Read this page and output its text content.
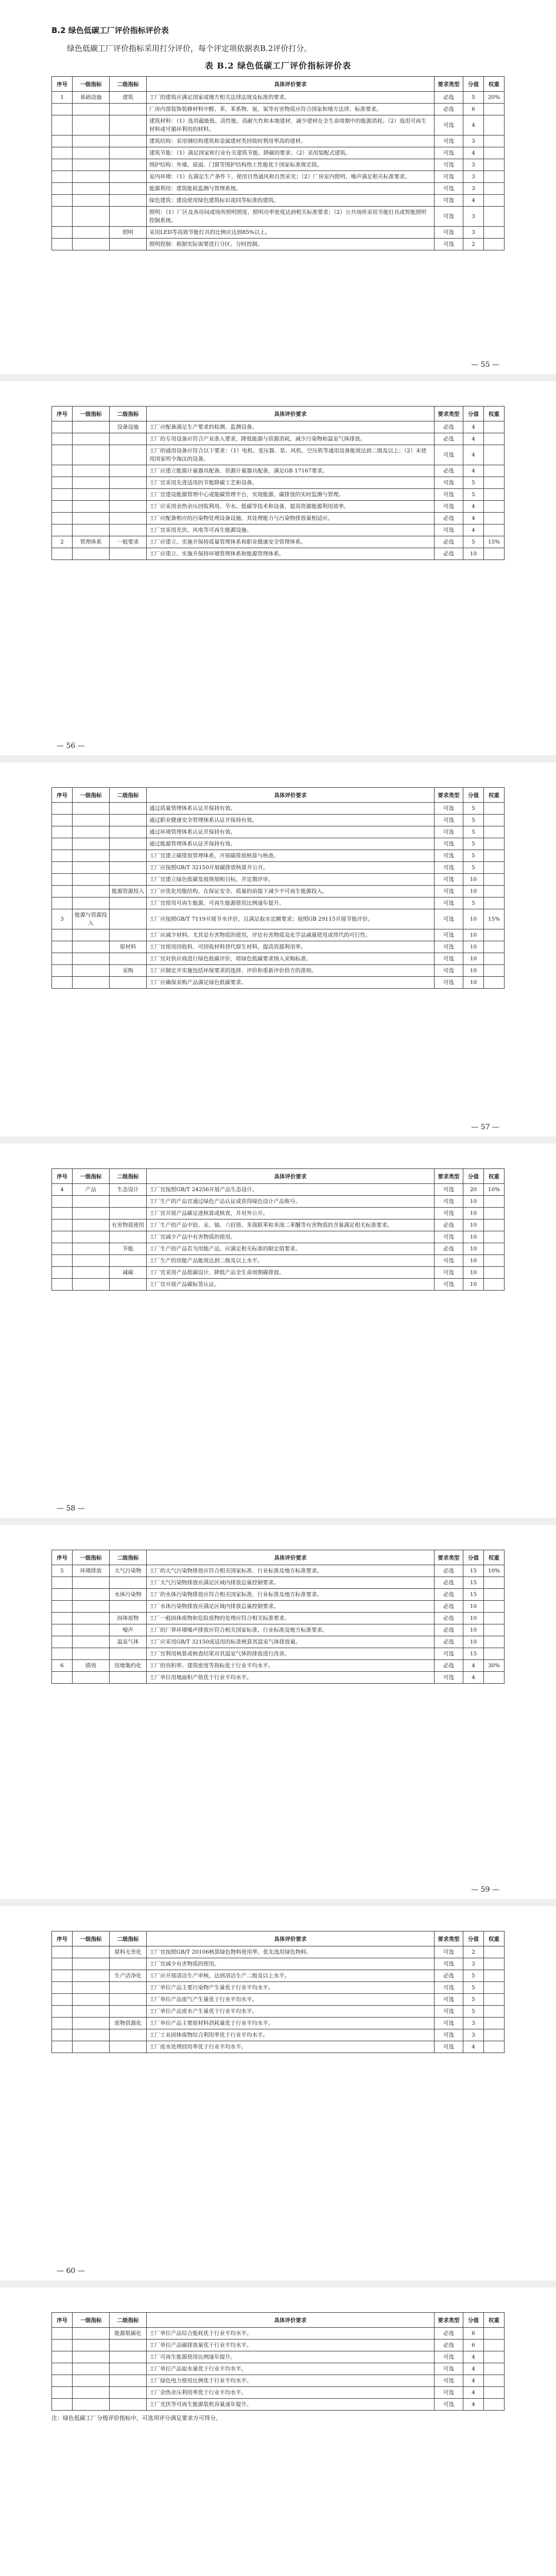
B.2 绿色低碳工厂评价指标评价表
绿色低碳工厂评价指标采用打分评价，每个评定项依据表B.2评价打分。
表 B.2 绿色低碳工厂评价指标评价表
序号	一级指标	二级指标	具体评价要求	要求类型	分值	权重
1	基础设施	建筑	工厂的建筑应满足国家或地方相关法律法规及标准的要求。	必选	5	20%
			厂房内部装饰装修材料中醛、苯、苯系物、氨、氡等有害物质应符合国家和地方法律、标准要求。	必选	6	
			建筑材料：（1）选用蕴能低、高性能、高耐久性和本地建材，减少建材在全生命周期中的能源消耗；（2）选用可再生材料或可循环利用的材料。	可选	4	
			建筑结构：采用钢结构建筑和金属建材类回收时利用率高的建材。	可选	3	
			建筑节能：（1）满足国家和行业有关建筑节能、降碳的要求；（2）采用装配式建筑。	可选	4	
			围护结构：外墙、屋面、门窗等围护结构热工性能优于国家标准规定值。	可选	3	
			室内环境：（1）在满足生产条件下，使用自然通风和自然采光；（2）厂房室内照明、噪声满足相关标准要求。	可选	3	
			能源利用：建筑能耗监测与管理系统。	可选	3	
			绿色建筑：建设使用绿色建筑标识或同等标准的建筑。	可选	4	
			照明：（1）厂区及各房间或场所照明照度、照明功率密度达到相关标准要求；（2）公共场所采用节能灯具或智能照明控制系统。	可选	3	
		照明	采用LED等高效节能灯具的比例应达到85%以上。	可选	3	
			照明控制：根据实际需要进行分区、分时控制。	可选	2	
— 55 —
序号	一级指标	二级指标	具体评价要求	要求类型	分值	权重
		设备设施	工厂应配备满足生产要求的检测、监测设备。	必选	4	
			工厂的专用设备应符合产业准入要求，降低能源与资源消耗，减少污染物和温室气体排放。	必选	4	
			工厂的通用设备应符合以下要求：（1）电机、变压器、泵、风机、空压机等通用设备能效达到二级及以上；（2）未使用国家明令淘汰的设备。	可选	4	
			工厂应建立能源计量器具配备、资源计量器具配备，满足GB 17167要求。	必选	4	
			工厂宜采用先进适用的节能降碳工艺和设备。	可选	5	
			工厂宜建设能源管理中心或能碳管理平台，实现能源、碳排放的实时监测与管理。	可选	5	
			工厂应采用余热余压回收利用、节水、低碳等技术和设备，提高资源能源利用效率。	可选	4	
			工厂应配备相应的污染物处理设备设施，其处理能力与污染物排放量相适应。	必选	4	
			工厂宜采用光伏、风电等可再生能源设施。	可选	4	
2	管理体系	一般要求	工厂应建立、实施并保持质量管理体系和职业健康安全管理体系。	必选	5	15%
			工厂应建立、实施并保持环境管理体系和能源管理体系。	必选	10	
— 56 —
序号	一级指标	二级指标	具体评价要求	要求类型	分值	权重
			通过质量管理体系认证并保持有效。	可选	5	
			通过职业健康安全管理体系认证并保持有效。	可选	5	
			通过环境管理体系认证并保持有效。	可选	5	
			通过能源管理体系认证并保持有效。	可选	5	
			工厂宜建立碳排放管理体系，开展碳排放核算与核查。	可选	5	
			工厂应按照GB/T 32150开展碳排放核算并公开。	可选	5	
			工厂宜建立绿色低碳发展规划和目标，并定期评审。	可选	10	
		能源资源投入	工厂应优化用能结构，在保证安全、质量的前提下减少不可再生能源投入。	可选	10	
			工厂宜使用可再生能源，可再生能源使用比例逐年提升。	可选	5	
3	能源与资源投入		工厂应按照GB/T 7119开展节水评价，且满足取水定额要求；按照GB 29115开展节能评价。	可选	10	15%
			工厂应减少材料、尤其是有害物质的使用，评估有害物质及化学品减量使用或替代的可行性。	可选	10	
		原材料	工厂宜使用回收料、可回收材料替代原生材料，提高资源利用率。	可选	10	
			工厂宜对供应商进行绿色低碳评价，将绿色低碳要求纳入采购标准。	可选	10	
		采购	工厂应制定并实施包括环保要求的选择、评价和重新评价供方的准则。	可选	10	
			工厂应确保采购产品满足绿色低碳要求。	可选	10	
— 57 —
序号	一级指标	二级指标	具体评价要求	要求类型	分值	权重
4	产品	生态设计	工厂宜按照GB/T 24256开展产品生态设计。	可选	20	10%
			工厂生产的产品宜通过绿色产品认证或获得绿色设计产品称号。	可选	10	
			工厂宜开展产品碳足迹核算或核查，并对外公开。	可选	10	
		有害物质使用	工厂生产的产品中铅、汞、镉、六价铬、多溴联苯和多溴二苯醚等有害物质的含量满足相关标准要求。	必选	10	
			工厂宜减少产品中有害物质的使用。	可选	10	
		节能	工厂生产的产品若为用能产品，应满足相关标准的限定值要求。	必选	10	
			工厂生产的用能产品能效达到二级及以上水平。	可选	10	
		减碳	工厂宜采用产品低碳设计，降低产品全生命周期碳排放。	可选	10	
			工厂宜开展产品碳标签认证。	可选	10	
— 58 —
序号	一级指标	二级指标	具体评价要求	要求类型	分值	权重
5	环境排放	大气污染物	工厂的大气污染物排放应符合相关国家标准、行业标准及地方标准要求。	必选	15	10%
			工厂大气污染物排放应满足区域内排放总量控制要求。	必选	15	
		水体污染物	工厂的水体污染物排放应符合相关国家标准、行业标准及地方标准要求。	必选	15	
			工厂水体污染物排放应满足区域内排放总量控制要求。	必选	10	
		固体废物	工厂一般固体废物和危险废物的处理应符合相关标准要求。	必选	10	
		噪声	工厂的厂界环境噪声排放应符合相关国家标准、行业标准及地方标准要求。	必选	10	
		温室气体	工厂应采用GB/T 32150或适用的标准核算其温室气体排放量。	必选	10	
			工厂宜利用核算或核查结果对其温室气体的排放进行改善。	可选	15	
6	绩效	用地集约化	工厂的容积率、建筑密度等指标优于行业平均水平。	必选	4	30%
			工厂单位用地面积产值优于行业平均水平。	可选	4	
— 59 —
序号	一级指标	二级指标	具体评价要求	要求类型	分值	权重
		原料无害化	工厂宜按照GB/T 20106核算绿色物料使用率，优先选用绿色物料。	可选	2	
			工厂宜减少有害物质的使用。	可选	3	
		生产洁净化	工厂应开展清洁生产审核，达到清洁生产二级及以上水平。	必选	5	
			工厂单位产品主要污染物产生量优于行业平均水平。	可选	5	
			工厂单位产品废气产生量优于行业平均水平。	可选	5	
			工厂单位产品废水产生量优于行业平均水平。	可选	5	
		废物资源化	工厂单位产品主要原材料消耗量优于行业平均水平。	可选	3	
			工厂工业固体废物综合利用率优于行业平均水平。	可选	3	
			工厂废水处理回用率优于行业平均水平。	可选	4	
— 60 —
序号	一级指标	二级指标	具体评价要求	要求类型	分值	权重
		能源低碳化	工厂单位产品综合能耗优于行业平均水平。	必选	6	
			工厂单位产品碳排放量优于行业平均水平。	必选	6	
			工厂可再生能源使用比例逐年提升。	可选	4	
			工厂单位产品取水量优于行业平均水平。	可选	4	
			工厂绿色电力使用比例优于行业平均水平。	可选	4	
			工厂余热余压利用率优于行业平均水平。	可选	4	
			工厂光伏等可再生能源装机容量逐年提升。	可选	4	
注：绿色低碳工厂分级评价指标中，可选项评分满足要求方可得分。
